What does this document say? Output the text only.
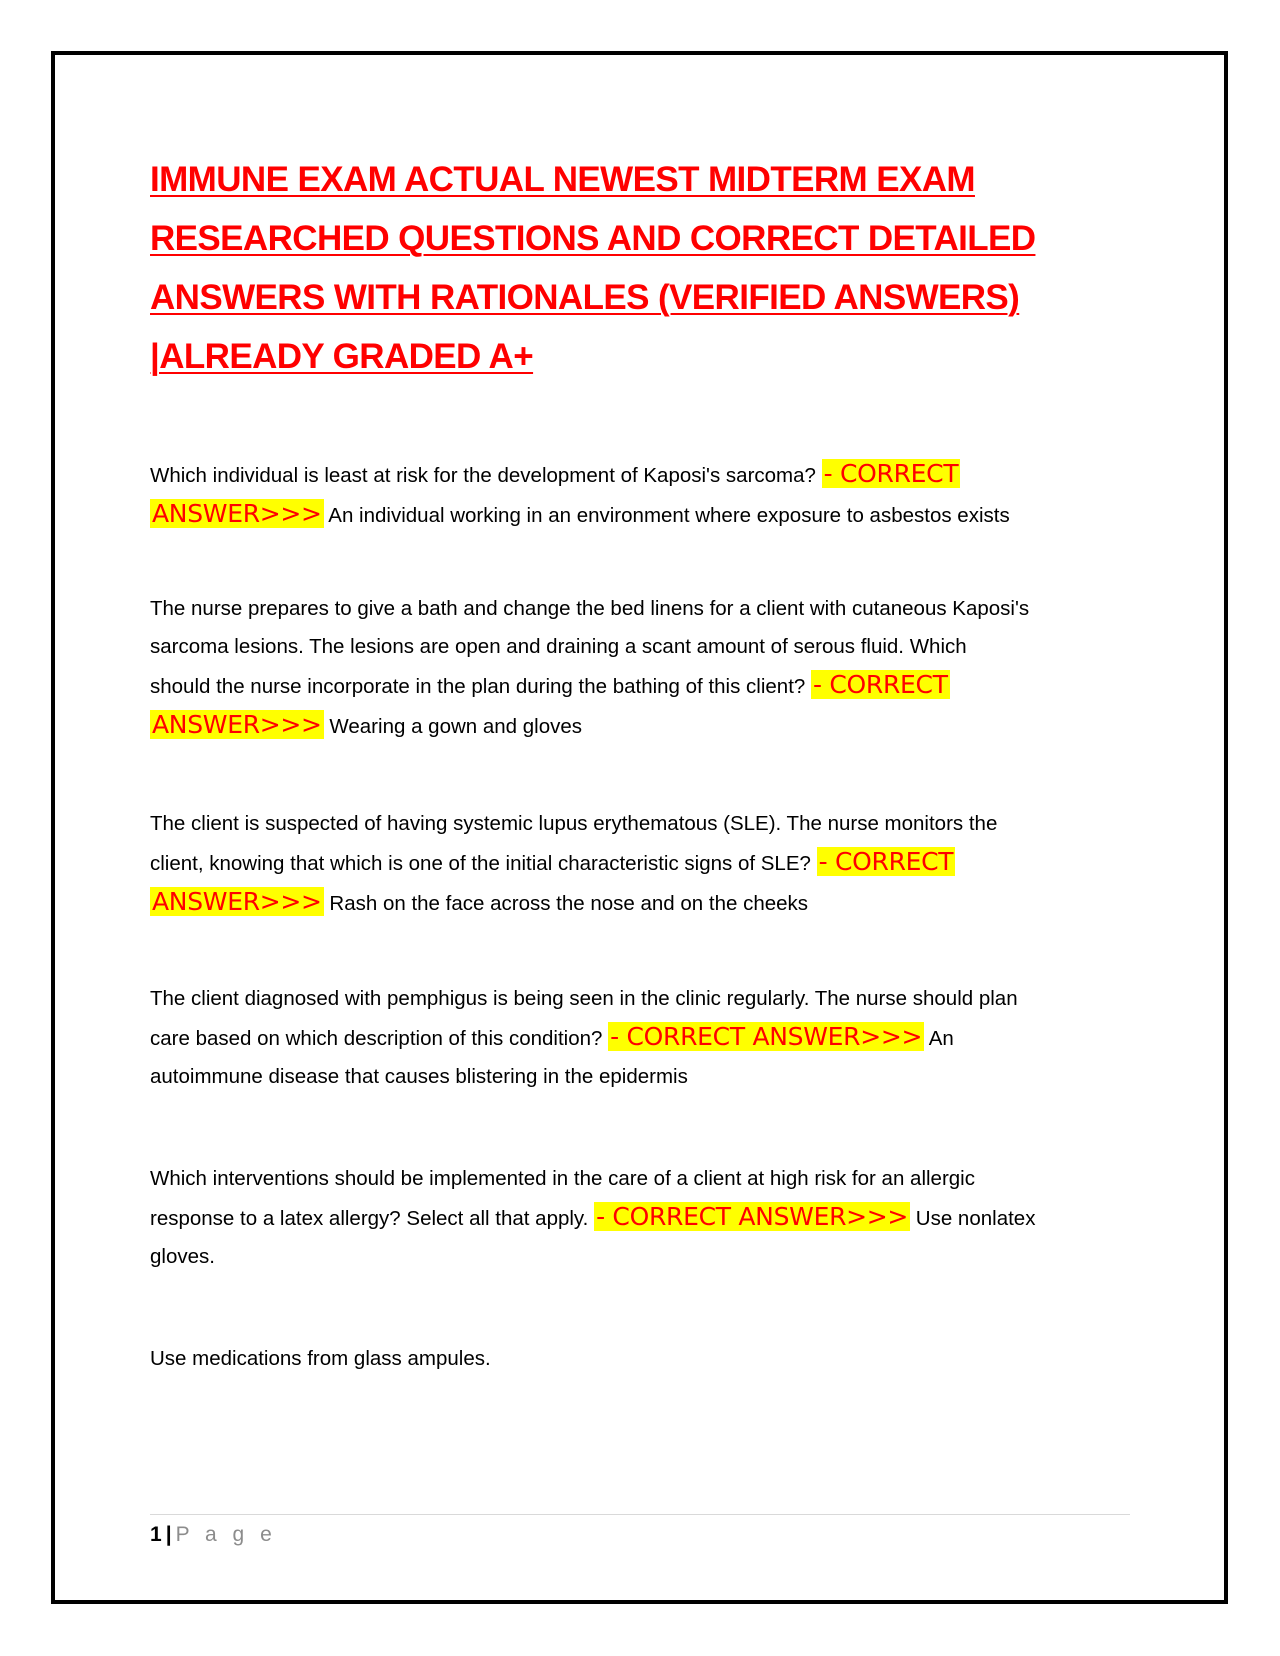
IMMUNE EXAM ACTUAL NEWEST MIDTERM EXAM
RESEARCHED QUESTIONS AND CORRECT DETAILED
ANSWERS WITH RATIONALES (VERIFIED ANSWERS)
|ALREADY GRADED A+

Which individual is least at risk for the development of Kaposi's sarcoma? - CORRECT
ANSWER>>> An individual working in an environment where exposure to asbestos exists

The nurse prepares to give a bath and change the bed linens for a client with cutaneous Kaposi's
sarcoma lesions. The lesions are open and draining a scant amount of serous fluid. Which
should the nurse incorporate in the plan during the bathing of this client? - CORRECT
ANSWER>>> Wearing a gown and gloves

The client is suspected of having systemic lupus erythematous (SLE). The nurse monitors the
client, knowing that which is one of the initial characteristic signs of SLE? - CORRECT
ANSWER>>> Rash on the face across the nose and on the cheeks

The client diagnosed with pemphigus is being seen in the clinic regularly. The nurse should plan
care based on which description of this condition? - CORRECT ANSWER>>> An
autoimmune disease that causes blistering in the epidermis

Which interventions should be implemented in the care of a client at high risk for an allergic
response to a latex allergy? Select all that apply. - CORRECT ANSWER>>> Use nonlatex
gloves.

Use medications from glass ampules.

1 | P a g e
